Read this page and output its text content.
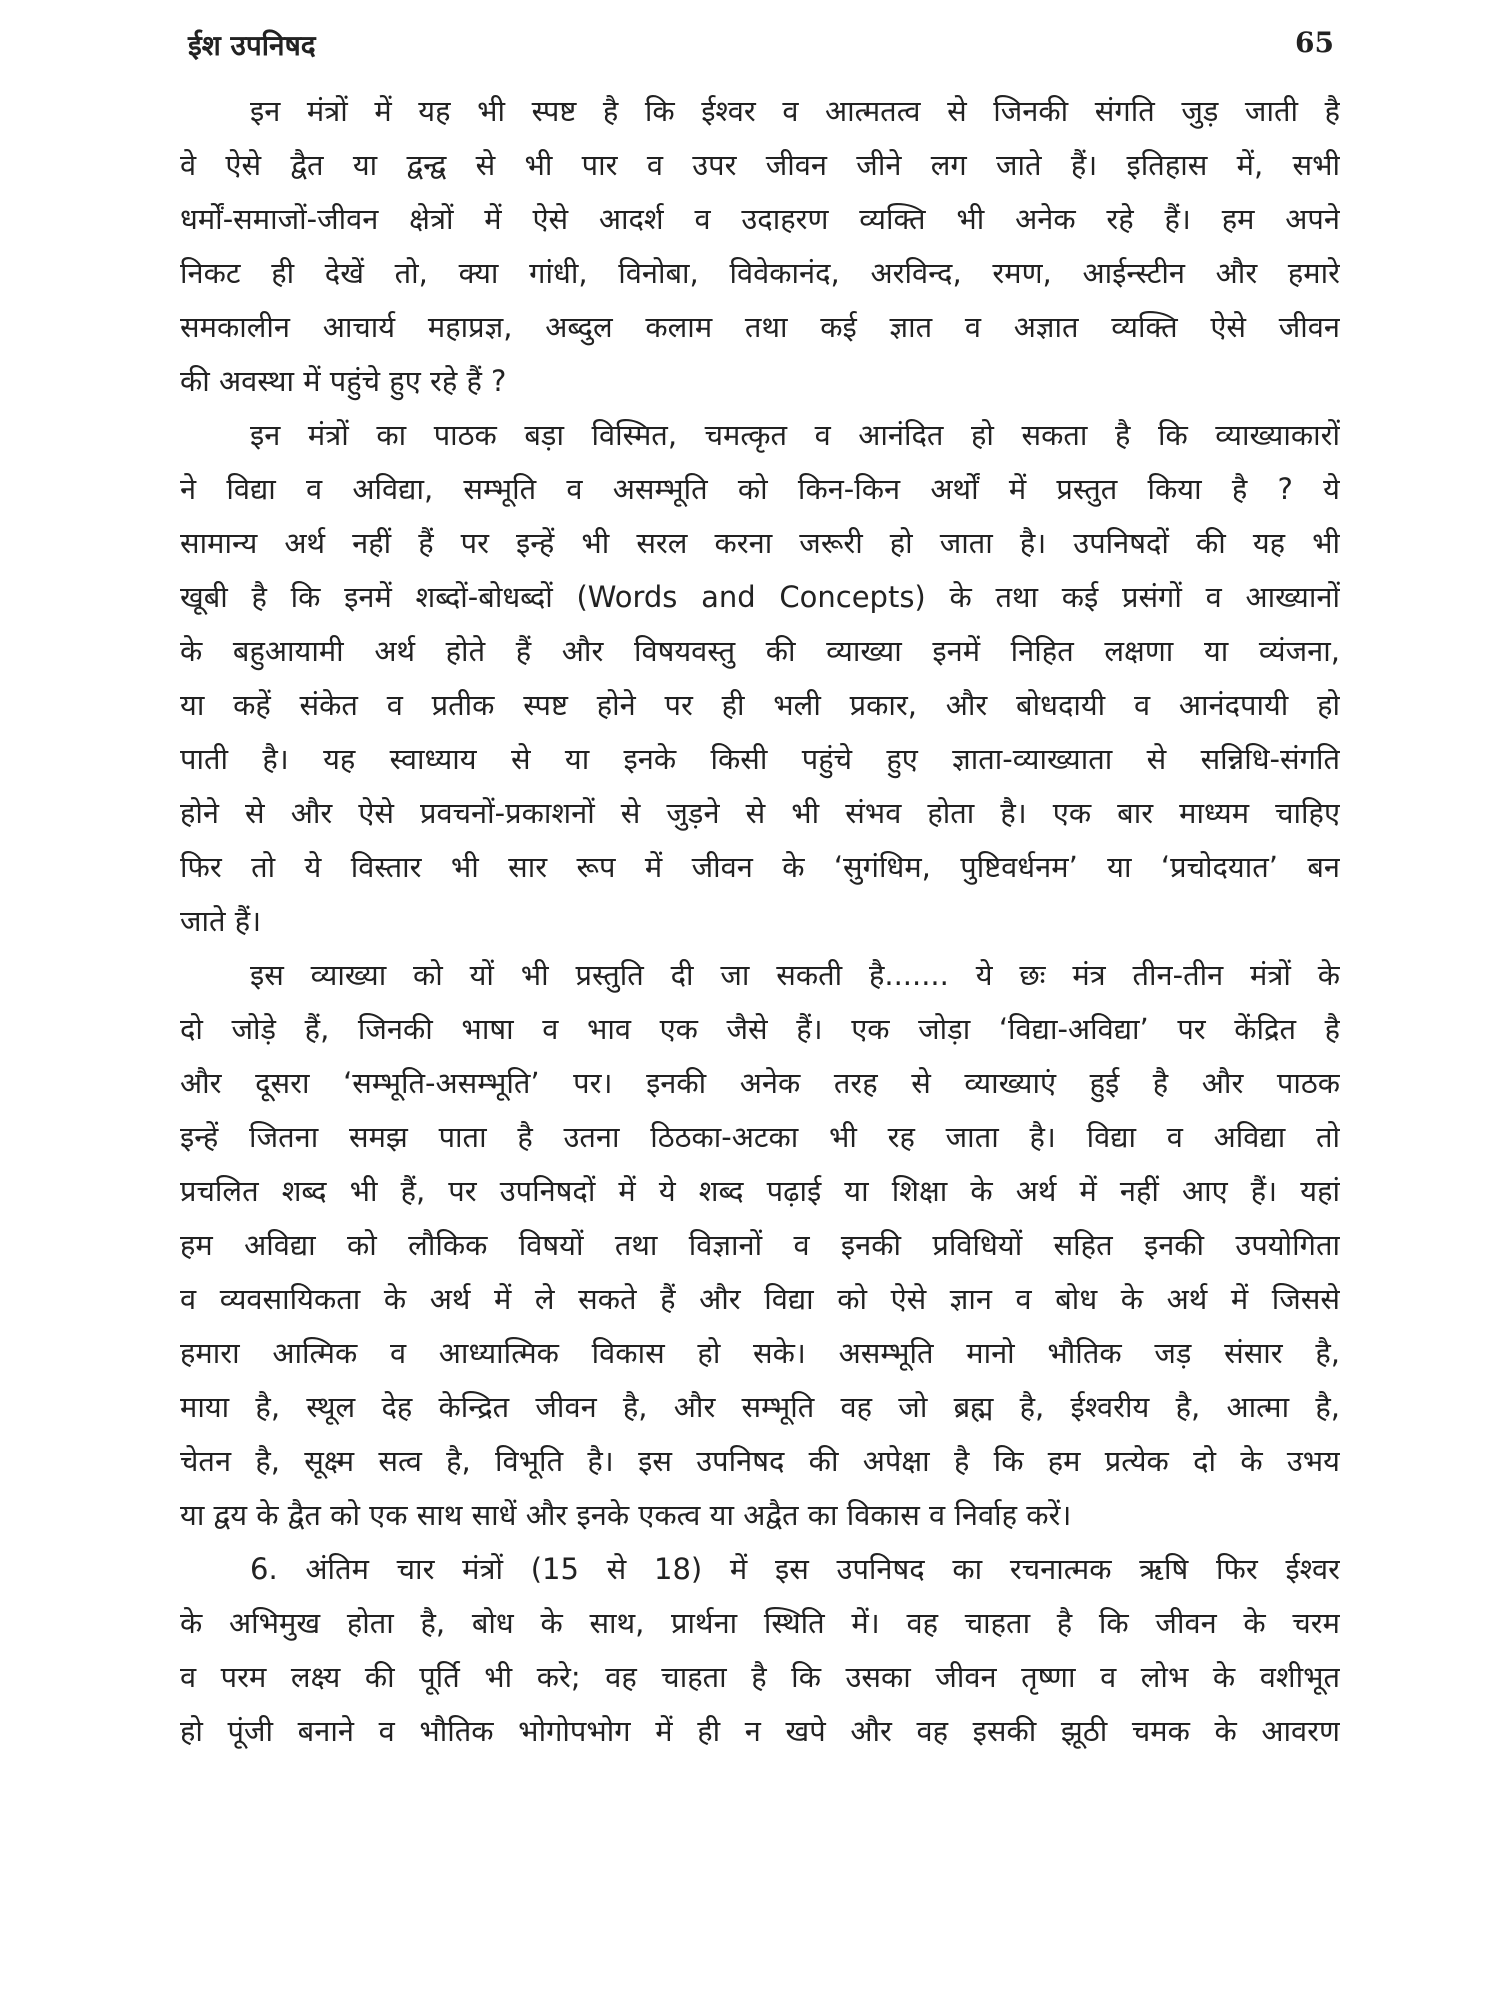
ईश उपनिषद	65
इन मंत्रों में यह भी स्पष्ट है कि ईश्वर व आत्मतत्व से जिनकी संगति जुड़ जाती है
वे ऐसे द्वैत या द्वन्द्व से भी पार व उपर जीवन जीने लग जाते हैं। इतिहास में, सभी
धर्मों-समाजों-जीवन क्षेत्रों में ऐसे आदर्श व उदाहरण व्यक्ति भी अनेक रहे हैं। हम अपने
निकट ही देखें तो, क्या गांधी, विनोबा, विवेकानंद, अरविन्द, रमण, आईन्स्टीन और हमारे
समकालीन आचार्य महाप्रज्ञ, अब्दुल कलाम तथा कई ज्ञात व अज्ञात व्यक्ति ऐसे जीवन
की अवस्था में पहुंचे हुए रहे हैं ?
इन मंत्रों का पाठक बड़ा विस्मित, चमत्कृत व आनंदित हो सकता है कि व्याख्याकारों
ने विद्या व अविद्या, सम्भूति व असम्भूति को किन-किन अर्थों में प्रस्तुत किया है ? ये
सामान्य अर्थ नहीं हैं पर इन्हें भी सरल करना जरूरी हो जाता है। उपनिषदों की यह भी
खूबी है कि इनमें शब्दों-बोधब्दों (Words and Concepts) के तथा कई प्रसंगों व आख्यानों
के बहुआयामी अर्थ होते हैं और विषयवस्तु की व्याख्या इनमें निहित लक्षणा या व्यंजना,
या कहें संकेत व प्रतीक स्पष्ट होने पर ही भली प्रकार, और बोधदायी व आनंदपायी हो
पाती है। यह स्वाध्याय से या इनके किसी पहुंचे हुए ज्ञाता-व्याख्याता से सन्निधि-संगति
होने से और ऐसे प्रवचनों-प्रकाशनों से जुड़ने से भी संभव होता है। एक बार माध्यम चाहिए
फिर तो ये विस्तार भी सार रूप में जीवन के ‘सुगंधिम, पुष्टिवर्धनम’ या ‘प्रचोदयात’ बन
जाते हैं।
इस व्याख्या को यों भी प्रस्तुति दी जा सकती है....... ये छः मंत्र तीन-तीन मंत्रों के
दो जोड़े हैं, जिनकी भाषा व भाव एक जैसे हैं। एक जोड़ा ‘विद्या-अविद्या’ पर केंद्रित है
और दूसरा ‘सम्भूति-असम्भूति’ पर। इनकी अनेक तरह से व्याख्याएं हुई है और पाठक
इन्हें जितना समझ पाता है उतना ठिठका-अटका भी रह जाता है। विद्या व अविद्या तो
प्रचलित शब्द भी हैं, पर उपनिषदों में ये शब्द पढ़ाई या शिक्षा के अर्थ में नहीं आए हैं। यहां
हम अविद्या को लौकिक विषयों तथा विज्ञानों व इनकी प्रविधियों सहित इनकी उपयोगिता
व व्यवसायिकता के अर्थ में ले सकते हैं और विद्या को ऐसे ज्ञान व बोध के अर्थ में जिससे
हमारा आत्मिक व आध्यात्मिक विकास हो सके। असम्भूति मानो भौतिक जड़ संसार है,
माया है, स्थूल देह केन्द्रित जीवन है, और सम्भूति वह जो ब्रह्म है, ईश्वरीय है, आत्मा है,
चेतन है, सूक्ष्म सत्व है, विभूति है। इस उपनिषद की अपेक्षा है कि हम प्रत्येक दो के उभय
या द्वय के द्वैत को एक साथ साधें और इनके एकत्व या अद्वैत का विकास व निर्वाह करें।
6. अंतिम चार मंत्रों (15 से 18) में इस उपनिषद का रचनात्मक ऋषि फिर ईश्वर
के अभिमुख होता है, बोध के साथ, प्रार्थना स्थिति में। वह चाहता है कि जीवन के चरम
व परम लक्ष्य की पूर्ति भी करे; वह चाहता है कि उसका जीवन तृष्णा व लोभ के वशीभूत
हो पूंजी बनाने व भौतिक भोगोपभोग में ही न खपे और वह इसकी झूठी चमक के आवरण
